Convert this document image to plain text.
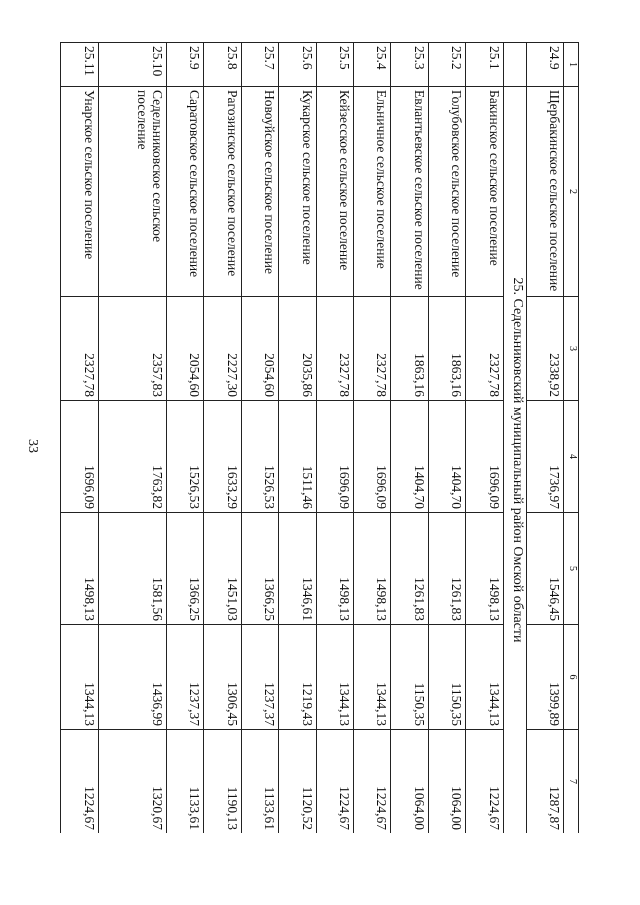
33
1	2	3	4	5	6	7
24.9	Щербакинское сельское поселение	2338,92	1736,97	1546,45	1399,89	1287,87
	25. Седельниковский муниципальный район Омской области					
25.1	Бакинское сельское поселение	2327,78	1696,09	1498,13	1344,13	1224,67
25.2	Голубовское сельское поселение	1863,16	1404,70	1261,83	1150,35	1064,00
25.3	Евлантьевское сельское поселение	1863,16	1404,70	1261,83	1150,35	1064,00
25.4	Ельничное сельское поселение	2327,78	1696,09	1498,13	1344,13	1224,67
25.5	Кейзесское сельское поселение	2327,78	1696,09	1498,13	1344,13	1224,67
25.6	Кукарское сельское поселение	2035,86	1511,46	1346,61	1219,43	1120,52
25.7	Новоуйское сельское поселение	2054,60	1526,53	1366,25	1237,37	1133,61
25.8	Рагозинское сельское поселение	2227,30	1633,29	1451,03	1306,45	1190,13
25.9	Саратовское сельское поселение	2054,60	1526,53	1366,25	1237,37	1133,61
25.10	Седельниковское сельское поселение	2357,83	1763,82	1581,56	1436,99	1320,67
25.11	Унарское сельское поселение	2327,78	1696,09	1498,13	1344,13	1224,67
